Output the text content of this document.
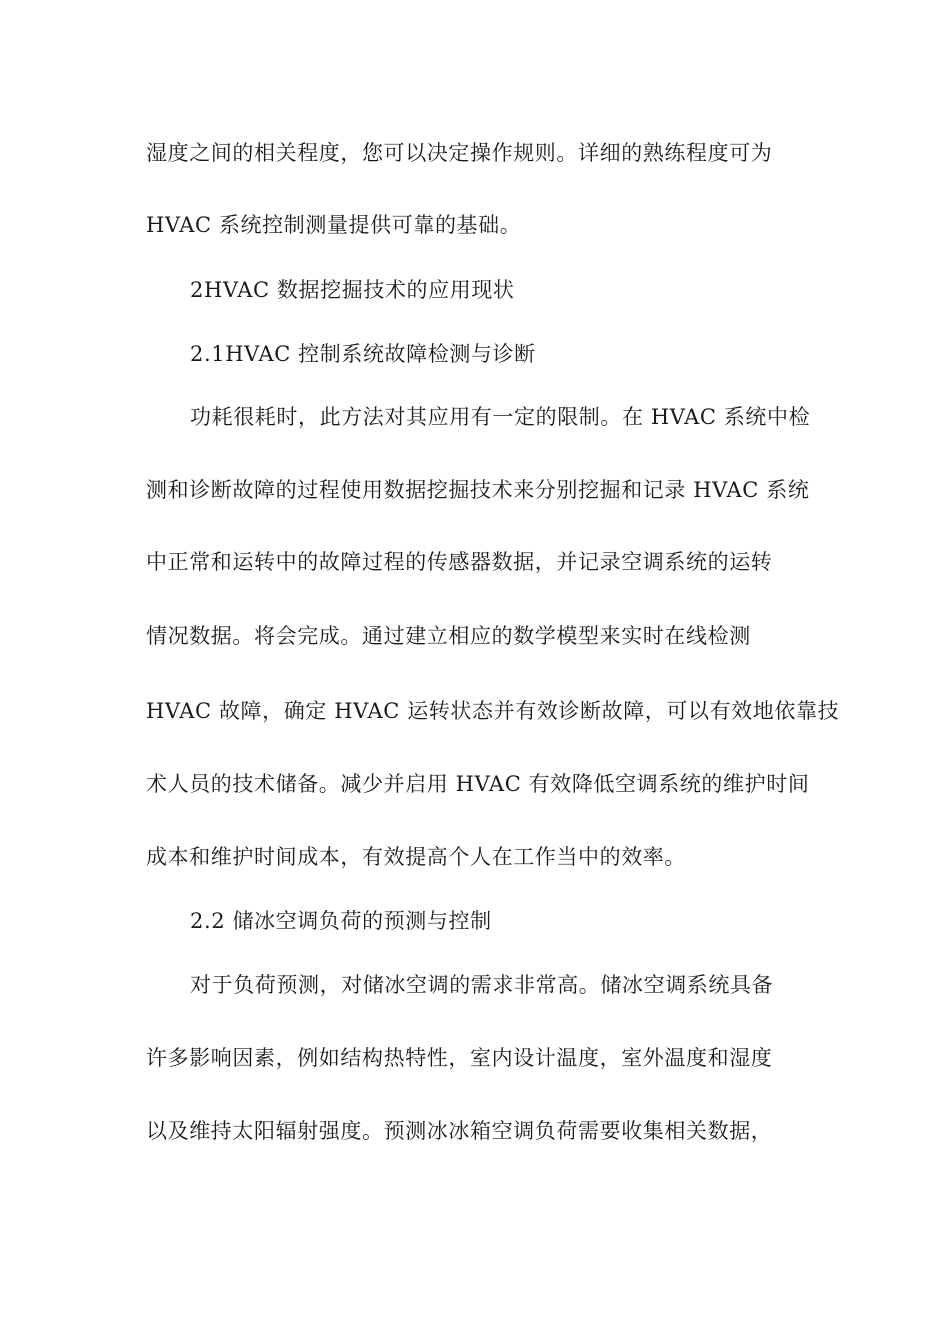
湿度之间的相关程度，您可以决定操作规则。详细的熟练程度可为
HVAC 系统控制测量提供可靠的基础。
2HVAC 数据挖掘技术的应用现状
2.1HVAC 控制系统故障检测与诊断
功耗很耗时，此方法对其应用有一定的限制。在 HVAC 系统中检
测和诊断故障的过程使用数据挖掘技术来分别挖掘和记录 HVAC 系统
中正常和运转中的故障过程的传感器数据，并记录空调系统的运转
情况数据。将会完成。通过建立相应的数学模型来实时在线检测
HVAC 故障，确定 HVAC 运转状态并有效诊断故障，可以有效地依靠技
术人员的技术储备。减少并启用 HVAC 有效降低空调系统的维护时间
成本和维护时间成本，有效提高个人在工作当中的效率。
2.2 储冰空调负荷的预测与控制
对于负荷预测，对储冰空调的需求非常高。储冰空调系统具备
许多影响因素，例如结构热特性，室内设计温度，室外温度和湿度
以及维持太阳辐射强度。预测冰冰箱空调负荷需要收集相关数据，
